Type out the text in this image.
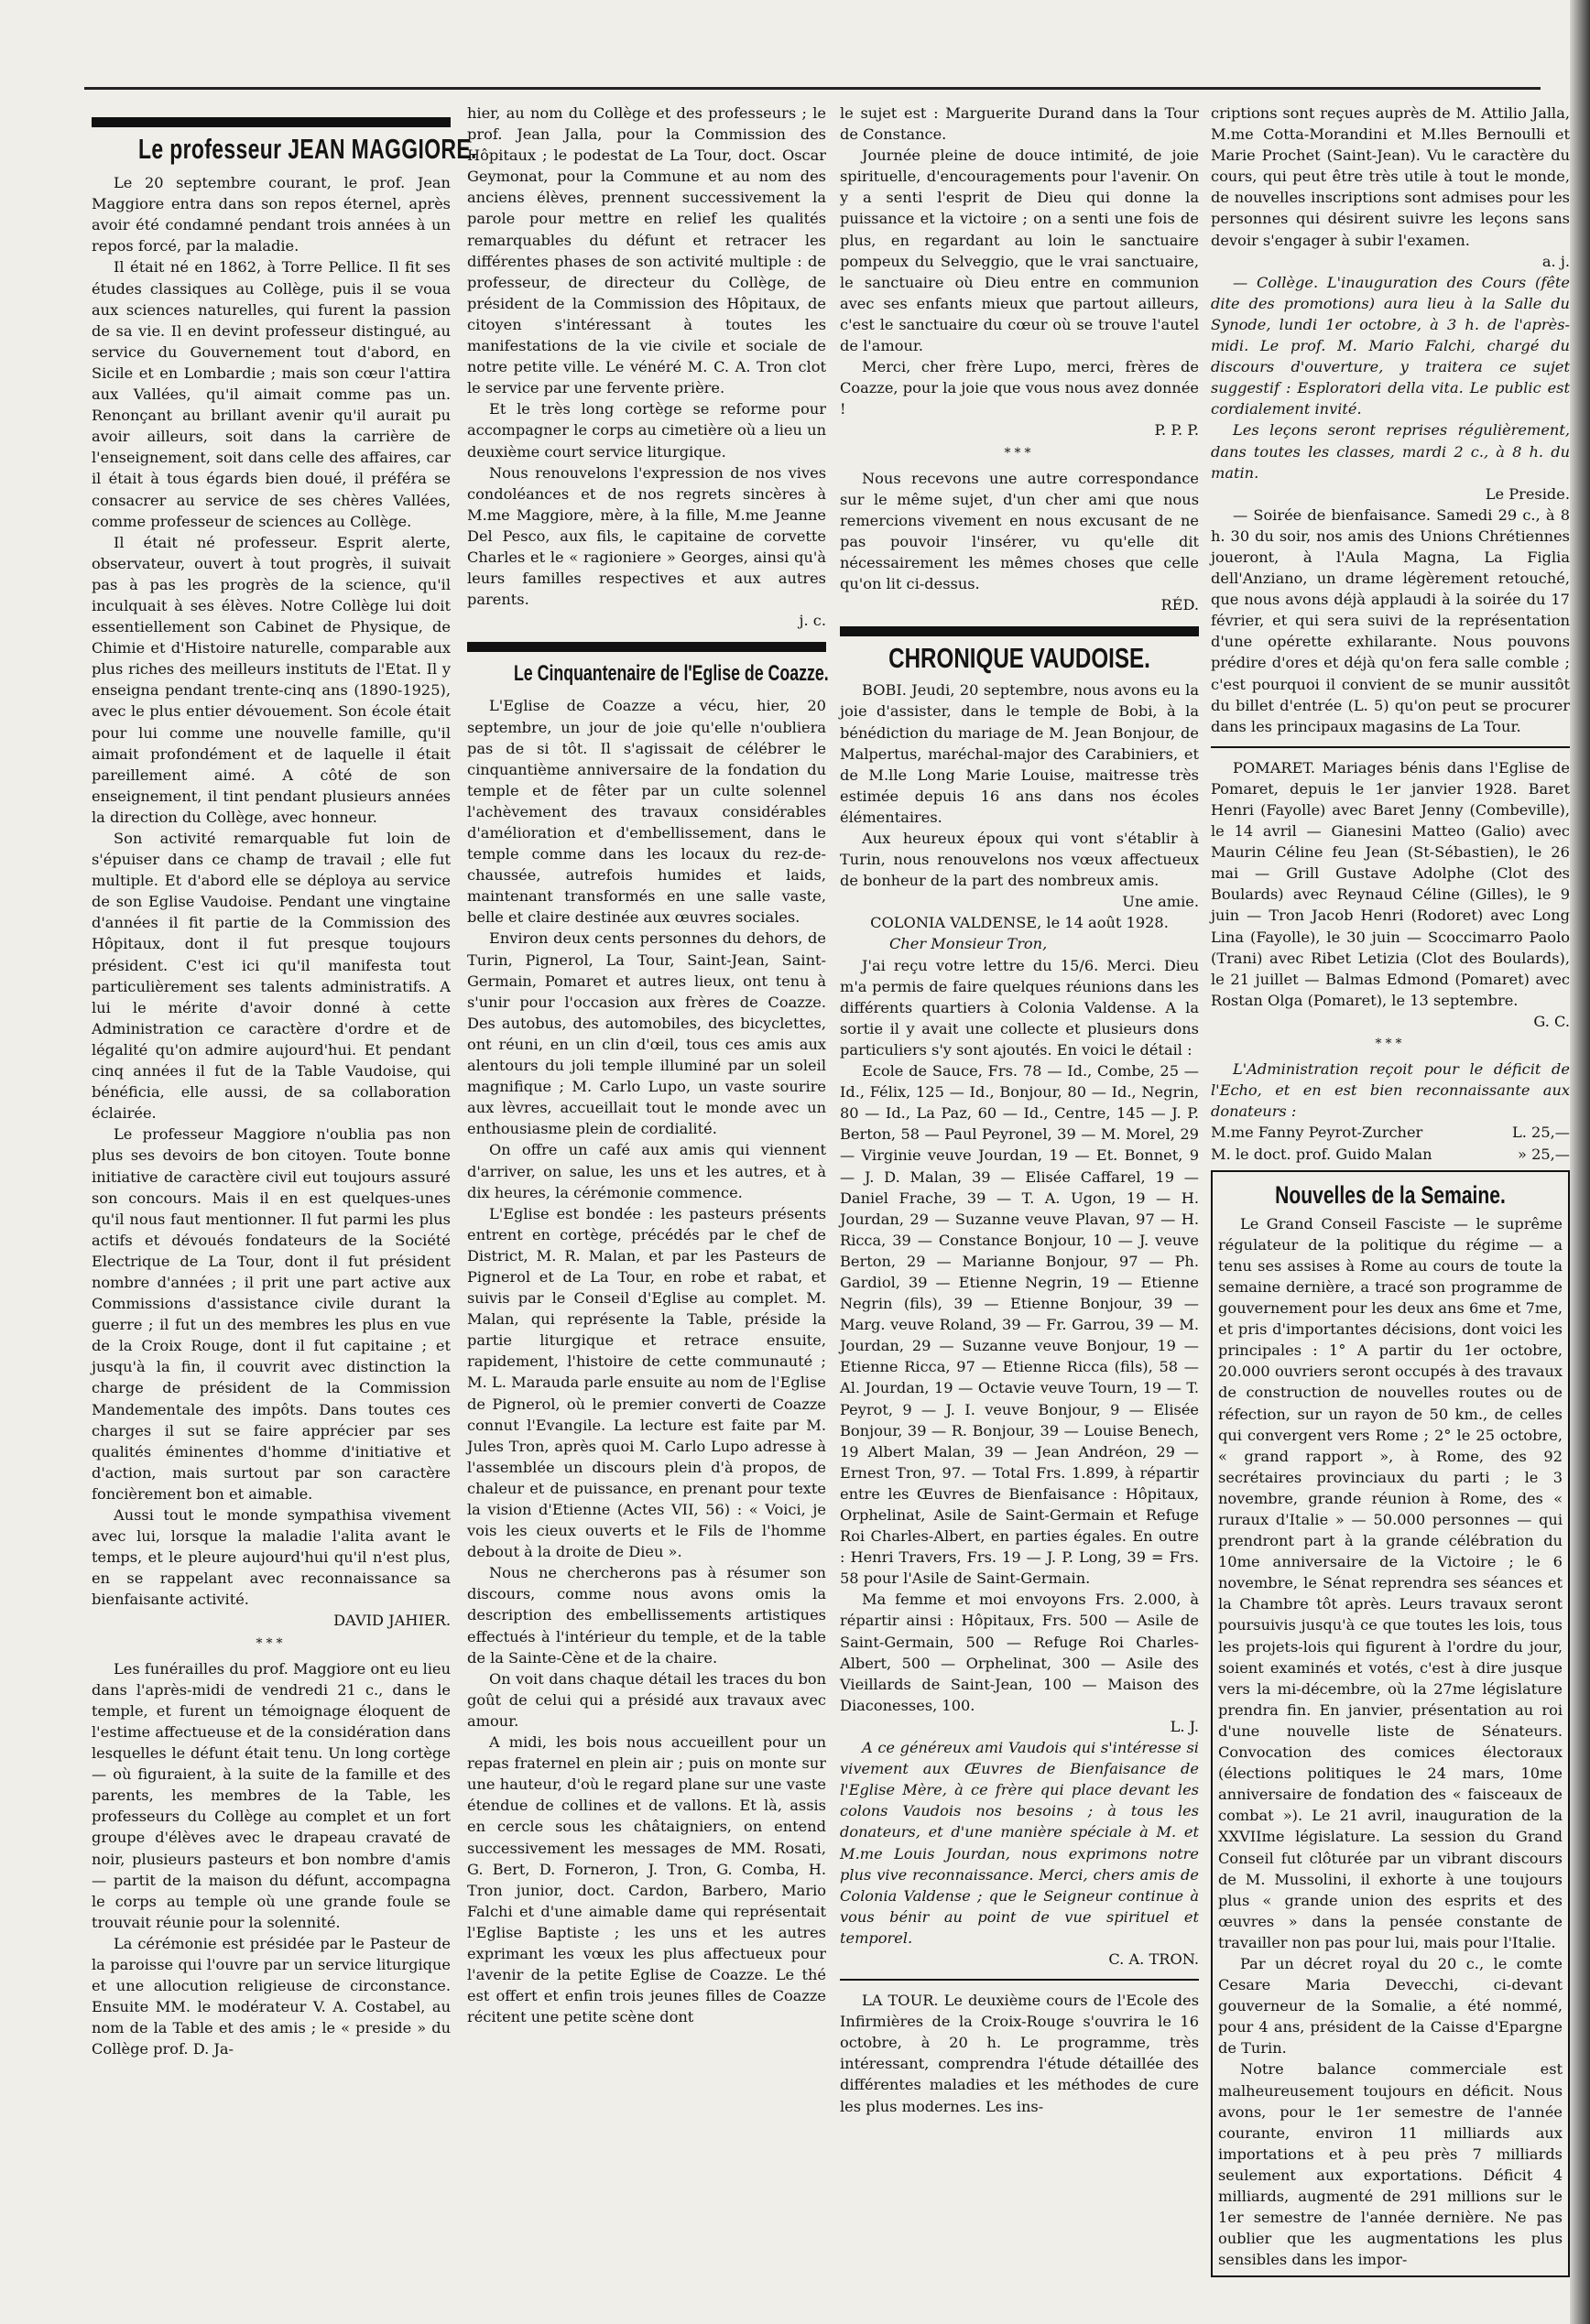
Le professeur JEAN MAGGIORE.

Le 20 septembre courant, le prof. Jean Maggiore entra dans son repos éternel, après avoir été condamné pendant trois années à un repos forcé, par la maladie.

Il était né en 1862, à Torre Pellice. Il fit ses études classiques au Collège, puis il se voua aux sciences naturelles, qui furent la passion de sa vie. Il en devint professeur distingué, au service du Gouvernement tout d'abord, en Sicile et en Lombardie ; mais son cœur l'attira aux Vallées, qu'il aimait comme pas un. Renonçant au brillant avenir qu'il aurait pu avoir ailleurs, soit dans la carrière de l'enseignement, soit dans celle des affaires, car il était à tous égards bien doué, il préféra se consacrer au service de ses chères Vallées, comme professeur de sciences au Collège.

Il était né professeur. Esprit alerte, observateur, ouvert à tout progrès, il suivait pas à pas les progrès de la science, qu'il inculquait à ses élèves. Notre Collège lui doit essentiellement son Cabinet de Physique, de Chimie et d'Histoire naturelle, comparable aux plus riches des meilleurs instituts de l'Etat. Il y enseigna pendant trente-cinq ans (1890-1925), avec le plus entier dévouement. Son école était pour lui comme une nouvelle famille, qu'il aimait profondément et de laquelle il était pareillement aimé. A côté de son enseignement, il tint pendant plusieurs années la direction du Collège, avec honneur.

Son activité remarquable fut loin de s'épuiser dans ce champ de travail ; elle fut multiple. Et d'abord elle se déploya au service de son Eglise Vaudoise. Pendant une vingtaine d'années il fit partie de la Commission des Hôpitaux, dont il fut presque toujours président. C'est ici qu'il manifesta tout particulièrement ses talents administratifs. A lui le mérite d'avoir donné à cette Administration ce caractère d'ordre et de légalité qu'on admire aujourd'hui. Et pendant cinq années il fut de la Table Vaudoise, qui bénéficia, elle aussi, de sa collaboration éclairée.

Le professeur Maggiore n'oublia pas non plus ses devoirs de bon citoyen. Toute bonne initiative de caractère civil eut toujours assuré son concours. Mais il en est quelques-unes qu'il nous faut mentionner. Il fut parmi les plus actifs et dévoués fondateurs de la Société Electrique de La Tour, dont il fut président nombre d'années ; il prit une part active aux Commissions d'assistance civile durant la guerre ; il fut un des membres les plus en vue de la Croix Rouge, dont il fut capitaine ; et jusqu'à la fin, il couvrit avec distinction la charge de président de la Commission Mandementale des impôts. Dans toutes ces charges il sut se faire apprécier par ses qualités éminentes d'homme d'initiative et d'action, mais surtout par son caractère foncièrement bon et aimable.

Aussi tout le monde sympathisa vivement avec lui, lorsque la maladie l'alita avant le temps, et le pleure aujourd'hui qu'il n'est plus, en se rappelant avec reconnaissance sa bienfaisante activité.

DAVID JAHIER.

***

Les funérailles du prof. Maggiore ont eu lieu dans l'après-midi de vendredi 21 c., dans le temple, et furent un témoignage éloquent de l'estime affectueuse et de la considération dans lesquelles le défunt était tenu. Un long cortège — où figuraient, à la suite de la famille et des parents, les membres de la Table, les professeurs du Collège au complet et un fort groupe d'élèves avec le drapeau cravaté de noir, plusieurs pasteurs et bon nombre d'amis — partit de la maison du défunt, accompagna le corps au temple où une grande foule se trouvait réunie pour la solennité.

La cérémonie est présidée par le Pasteur de la paroisse qui l'ouvre par un service liturgique et une allocution religieuse de circonstance. Ensuite MM. le modérateur V. A. Costabel, au nom de la Table et des amis ; le « preside » du Collège prof. D. Ja-

hier, au nom du Collège et des professeurs ; le prof. Jean Jalla, pour la Commission des Hôpitaux ; le podestat de La Tour, doct. Oscar Geymonat, pour la Commune et au nom des anciens élèves, prennent successivement la parole pour mettre en relief les qualités remarquables du défunt et retracer les différentes phases de son activité multiple : de professeur, de directeur du Collège, de président de la Commission des Hôpitaux, de citoyen s'intéressant à toutes les manifestations de la vie civile et sociale de notre petite ville. Le vénéré M. C. A. Tron clot le service par une fervente prière.

Et le très long cortège se reforme pour accompagner le corps au cimetière où a lieu un deuxième court service liturgique.

Nous renouvelons l'expression de nos vives condoléances et de nos regrets sincères à M.me Maggiore, mère, à la fille, M.me Jeanne Del Pesco, aux fils, le capitaine de corvette Charles et le « ragioniere » Georges, ainsi qu'à leurs familles respectives et aux autres parents.

j. c.

Le Cinquantenaire de l'Eglise de Coazze.

L'Eglise de Coazze a vécu, hier, 20 septembre, un jour de joie qu'elle n'oubliera pas de si tôt. Il s'agissait de célébrer le cinquantième anniversaire de la fondation du temple et de fêter par un culte solennel l'achèvement des travaux considérables d'amélioration et d'embellissement, dans le temple comme dans les locaux du rez-de-chaussée, autrefois humides et laids, maintenant transformés en une salle vaste, belle et claire destinée aux œuvres sociales.

Environ deux cents personnes du dehors, de Turin, Pignerol, La Tour, Saint-Jean, Saint-Germain, Pomaret et autres lieux, ont tenu à s'unir pour l'occasion aux frères de Coazze. Des autobus, des automobiles, des bicyclettes, ont réuni, en un clin d'œil, tous ces amis aux alentours du joli temple illuminé par un soleil magnifique ; M. Carlo Lupo, un vaste sourire aux lèvres, accueillait tout le monde avec un enthousiasme plein de cordialité.

On offre un café aux amis qui viennent d'arriver, on salue, les uns et les autres, et à dix heures, la cérémonie commence.

L'Eglise est bondée : les pasteurs présents entrent en cortège, précédés par le chef de District, M. R. Malan, et par les Pasteurs de Pignerol et de La Tour, en robe et rabat, et suivis par le Conseil d'Eglise au complet. M. Malan, qui représente la Table, préside la partie liturgique et retrace ensuite, rapidement, l'histoire de cette communauté ; M. L. Marauda parle ensuite au nom de l'Eglise de Pignerol, où le premier converti de Coazze connut l'Evangile. La lecture est faite par M. Jules Tron, après quoi M. Carlo Lupo adresse à l'assemblée un discours plein d'à propos, de chaleur et de puissance, en prenant pour texte la vision d'Etienne (Actes VII, 56) : « Voici, je vois les cieux ouverts et le Fils de l'homme debout à la droite de Dieu ».

Nous ne chercherons pas à résumer son discours, comme nous avons omis la description des embellissements artistiques effectués à l'intérieur du temple, et de la table de la Sainte-Cène et de la chaire.

On voit dans chaque détail les traces du bon goût de celui qui a présidé aux travaux avec amour.

A midi, les bois nous accueillent pour un repas fraternel en plein air ; puis on monte sur une hauteur, d'où le regard plane sur une vaste étendue de collines et de vallons. Et là, assis en cercle sous les châtaigniers, on entend successivement les messages de MM. Rosati, G. Bert, D. Forneron, J. Tron, G. Comba, H. Tron junior, doct. Cardon, Barbero, Mario Falchi et d'une aimable dame qui représentait l'Eglise Baptiste ; les uns et les autres exprimant les vœux les plus affectueux pour l'avenir de la petite Eglise de Coazze. Le thé est offert et enfin trois jeunes filles de Coazze récitent une petite scène dont

le sujet est : Marguerite Durand dans la Tour de Constance.

Journée pleine de douce intimité, de joie spirituelle, d'encouragements pour l'avenir. On y a senti l'esprit de Dieu qui donne la puissance et la victoire ; on a senti une fois de plus, en regardant au loin le sanctuaire pompeux du Selveggio, que le vrai sanctuaire, le sanctuaire où Dieu entre en communion avec ses enfants mieux que partout ailleurs, c'est le sanctuaire du cœur où se trouve l'autel de l'amour.

Merci, cher frère Lupo, merci, frères de Coazze, pour la joie que vous nous avez donnée !

P. P. P.

***

Nous recevons une autre correspondance sur le même sujet, d'un cher ami que nous remercions vivement en nous excusant de ne pas pouvoir l'insérer, vu qu'elle dit nécessairement les mêmes choses que celle qu'on lit ci-dessus.

RÉD.

CHRONIQUE VAUDOISE.

BOBI. Jeudi, 20 septembre, nous avons eu la joie d'assister, dans le temple de Bobi, à la bénédiction du mariage de M. Jean Bonjour, de Malpertus, maréchal-major des Carabiniers, et de M.lle Long Marie Louise, maitresse très estimée depuis 16 ans dans nos écoles élémentaires.

Aux heureux époux qui vont s'établir à Turin, nous renouvelons nos vœux affectueux de bonheur de la part des nombreux amis.

Une amie.

COLONIA VALDENSE, le 14 août 1928.

Cher Monsieur Tron,

J'ai reçu votre lettre du 15/6. Merci. Dieu m'a permis de faire quelques réunions dans les différents quartiers à Colonia Valdense. A la sortie il y avait une collecte et plusieurs dons particuliers s'y sont ajoutés. En voici le détail :

Ecole de Sauce, Frs. 78 — Id., Combe, 25 — Id., Félix, 125 — Id., Bonjour, 80 — Id., Negrin, 80 — Id., La Paz, 60 — Id., Centre, 145 — J. P. Berton, 58 — Paul Peyronel, 39 — M. Morel, 29 — Virginie veuve Jourdan, 19 — Et. Bonnet, 9 — J. D. Malan, 39 — Elisée Caffarel, 19 — Daniel Frache, 39 — T. A. Ugon, 19 — H. Jourdan, 29 — Suzanne veuve Plavan, 97 — H. Ricca, 39 — Constance Bonjour, 10 — J. veuve Berton, 29 — Marianne Bonjour, 97 — Ph. Gardiol, 39 — Etienne Negrin, 19 — Etienne Negrin (fils), 39 — Etienne Bonjour, 39 — Marg. veuve Roland, 39 — Fr. Garrou, 39 — M. Jourdan, 29 — Suzanne veuve Bonjour, 19 — Etienne Ricca, 97 — Etienne Ricca (fils), 58 — Al. Jourdan, 19 — Octavie veuve Tourn, 19 — T. Peyrot, 9 — J. I. veuve Bonjour, 9 — Elisée Bonjour, 39 — R. Bonjour, 39 — Louise Benech, 19 Albert Malan, 39 — Jean Andréon, 29 — Ernest Tron, 97. — Total Frs. 1.899, à répartir entre les Œuvres de Bienfaisance : Hôpitaux, Orphelinat, Asile de Saint-Germain et Refuge Roi Charles-Albert, en parties égales. En outre : Henri Travers, Frs. 19 — J. P. Long, 39 = Frs. 58 pour l'Asile de Saint-Germain.

Ma femme et moi envoyons Frs. 2.000, à répartir ainsi : Hôpitaux, Frs. 500 — Asile de Saint-Germain, 500 — Refuge Roi Charles-Albert, 500 — Orphelinat, 300 — Asile des Vieillards de Saint-Jean, 100 — Maison des Diaconesses, 100.

L. J.

A ce généreux ami Vaudois qui s'intéresse si vivement aux Œuvres de Bienfaisance de l'Eglise Mère, à ce frère qui place devant les colons Vaudois nos besoins ; à tous les donateurs, et d'une manière spéciale à M. et M.me Louis Jourdan, nous exprimons notre plus vive reconnaissance. Merci, chers amis de Colonia Valdense ; que le Seigneur continue à vous bénir au point de vue spirituel et temporel.

C. A. TRON.

LA TOUR. Le deuxième cours de l'Ecole des Infirmières de la Croix-Rouge s'ouvrira le 16 octobre, à 20 h. Le programme, très intéressant, comprendra l'étude détaillée des différentes maladies et les méthodes de cure les plus modernes. Les ins-

criptions sont reçues auprès de M. Attilio Jalla, M.me Cotta-Morandini et M.lles Bernoulli et Marie Prochet (Saint-Jean). Vu le caractère du cours, qui peut être très utile à tout le monde, de nouvelles inscriptions sont admises pour les personnes qui désirent suivre les leçons sans devoir s'engager à subir l'examen.

a. j.

— Collège. L'inauguration des Cours (fête dite des promotions) aura lieu à la Salle du Synode, lundi 1er octobre, à 3 h. de l'après-midi. Le prof. M. Mario Falchi, chargé du discours d'ouverture, y traitera ce sujet suggestif : Esploratori della vita. Le public est cordialement invité.

Les leçons seront reprises régulièrement, dans toutes les classes, mardi 2 c., à 8 h. du matin.

Le Preside.

— Soirée de bienfaisance. Samedi 29 c., à 8 h. 30 du soir, nos amis des Unions Chrétiennes joueront, à l'Aula Magna, La Figlia dell'Anziano, un drame légèrement retouché, que nous avons déjà applaudi à la soirée du 17 février, et qui sera suivi de la représentation d'une opérette exhilarante. Nous pouvons prédire d'ores et déjà qu'on fera salle comble ; c'est pourquoi il convient de se munir aussitôt du billet d'entrée (L. 5) qu'on peut se procurer dans les principaux magasins de La Tour.

POMARET. Mariages bénis dans l'Eglise de Pomaret, depuis le 1er janvier 1928. Baret Henri (Fayolle) avec Baret Jenny (Combeville), le 14 avril — Gianesini Matteo (Galio) avec Maurin Céline feu Jean (St-Sébastien), le 26 mai — Grill Gustave Adolphe (Clot des Boulards) avec Reynaud Céline (Gilles), le 9 juin — Tron Jacob Henri (Rodoret) avec Long Lina (Fayolle), le 30 juin — Scoccimarro Paolo (Trani) avec Ribet Letizia (Clot des Boulards), le 21 juillet — Balmas Edmond (Pomaret) avec Rostan Olga (Pomaret), le 13 septembre.

G. C.

***

L'Administration reçoit pour le déficit de l'Echo, et en est bien reconnaissante aux donateurs :

M.me Fanny Peyrot-Zurcher	L. 25,—
M. le doct. prof. Guido Malan	» 25,—
Nouvelles de la Semaine.

Le Grand Conseil Fasciste — le suprême régulateur de la politique du régime — a tenu ses assises à Rome au cours de toute la semaine dernière, a tracé son programme de gouvernement pour les deux ans 6me et 7me, et pris d'importantes décisions, dont voici les principales : 1° A partir du 1er octobre, 20.000 ouvriers seront occupés à des travaux de construction de nouvelles routes ou de réfection, sur un rayon de 50 km., de celles qui convergent vers Rome ; 2° le 25 octobre, « grand rapport », à Rome, des 92 secrétaires provinciaux du parti ; le 3 novembre, grande réunion à Rome, des « ruraux d'Italie » — 50.000 personnes — qui prendront part à la grande célébration du 10me anniversaire de la Victoire ; le 6 novembre, le Sénat reprendra ses séances et la Chambre tôt après. Leurs travaux seront poursuivis jusqu'à ce que toutes les lois, tous les projets-lois qui figurent à l'ordre du jour, soient examinés et votés, c'est à dire jusque vers la mi-décembre, où la 27me législature prendra fin. En janvier, présentation au roi d'une nouvelle liste de Sénateurs. Convocation des comices électoraux (élections politiques le 24 mars, 10me anniversaire de fondation des « faisceaux de combat »). Le 21 avril, inauguration de la XXVIIme législature. La session du Grand Conseil fut clôturée par un vibrant discours de M. Mussolini, il exhorte à une toujours plus « grande union des esprits et des œuvres » dans la pensée constante de travailler non pas pour lui, mais pour l'Italie.

Par un décret royal du 20 c., le comte Cesare Maria Devecchi, ci-devant gouverneur de la Somalie, a été nommé, pour 4 ans, président de la Caisse d'Epargne de Turin.

Notre balance commerciale est malheureusement toujours en déficit. Nous avons, pour le 1er semestre de l'année courante, environ 11 milliards aux importations et à peu près 7 milliards seulement aux exportations. Déficit 4 milliards, augmenté de 291 millions sur le 1er semestre de l'année dernière. Ne pas oublier que les augmentations les plus sensibles dans les impor-
